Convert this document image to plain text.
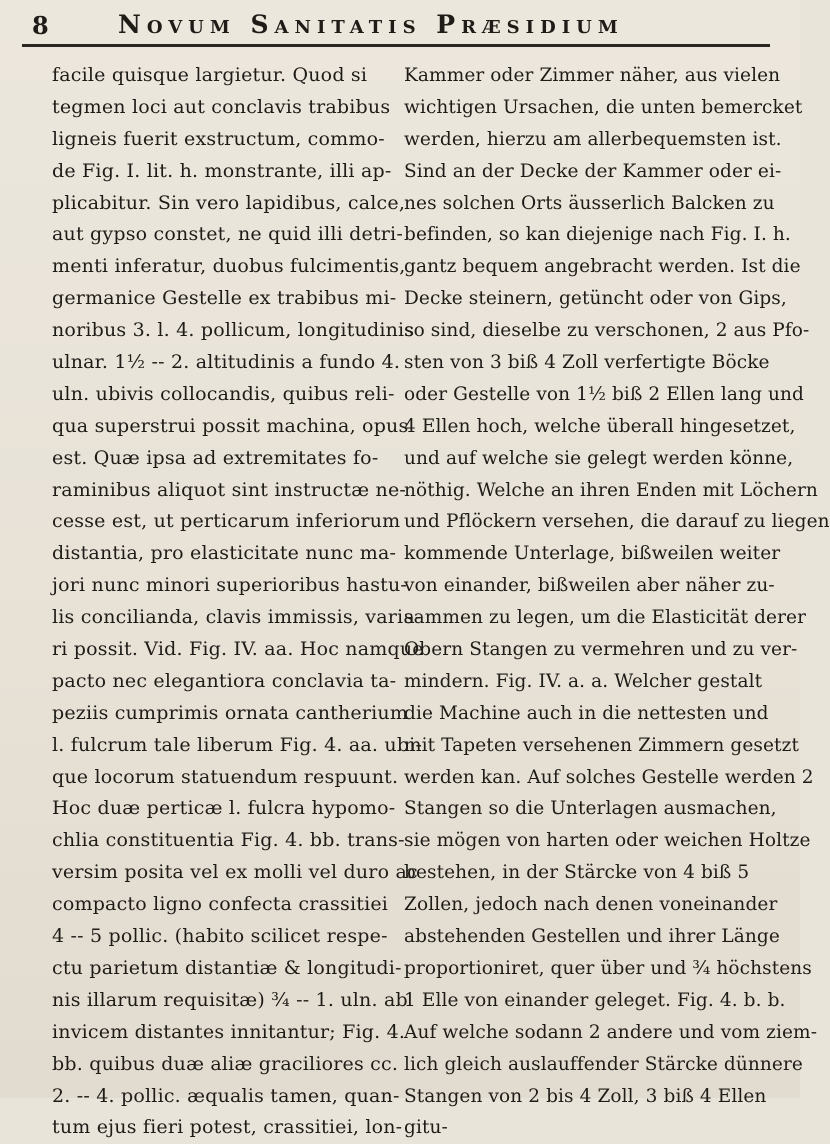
8	Novum Sanitatis Præsidium
facile quisque largietur. Quod si
tegmen loci aut conclavis trabibus
ligneis fuerit exstructum, commo-
de Fig. I. lit. h. monstrante, illi ap-
plicabitur. Sin vero lapidibus, calce,
aut gypso constet, ne quid illi detri-
menti inferatur, duobus fulcimentis,
germanice Gestelle ex trabibus mi-
noribus 3. l. 4. pollicum, longitudinis
ulnar. 1½ -- 2. altitudinis a fundo 4.
uln. ubivis collocandis, quibus reli-
qua superstrui possit machina, opus
est. Quæ ipsa ad extremitates fo-
raminibus aliquot sint instructæ ne-
cesse est, ut perticarum inferiorum
distantia, pro elasticitate nunc ma-
jori nunc minori superioribus hastu-
lis concilianda, clavis immissis, varia-
ri possit. Vid. Fig. IV. aa. Hoc namque
pacto nec elegantiora conclavia ta-
peziis cumprimis ornata cantherium
l. fulcrum tale liberum Fig. 4. aa. ubi-
que locorum statuendum respuunt.
Hoc duæ perticæ l. fulcra hypomo-
chlia constituentia Fig. 4. bb. trans-
versim posita vel ex molli vel duro ac
compacto ligno confecta crassitiei
4 -- 5 pollic. (habito scilicet respe-
ctu parietum distantiæ & longitudi-
nis illarum requisitæ) ¾ -- 1. uln. ab
invicem distantes innitantur; Fig. 4.
bb. quibus duæ aliæ graciliores cc.
2. -- 4. pollic. æqualis tamen, quan-
tum ejus fieri potest, crassitiei, lon-
Kammer oder Zimmer näher, aus vielen
wichtigen Ursachen, die unten bemercket
werden, hierzu am allerbequemsten ist.
Sind an der Decke der Kammer oder ei-
nes solchen Orts äusserlich Balcken zu
befinden, so kan diejenige nach Fig. I. h.
gantz bequem angebracht werden. Ist die
Decke steinern, getüncht oder von Gips,
so sind, dieselbe zu verschonen, 2 aus Pfo-
sten von 3 biß 4 Zoll verfertigte Böcke
oder Gestelle von 1½ biß 2 Ellen lang und
4 Ellen hoch, welche überall hingesetzet,
und auf welche sie gelegt werden könne,
nöthig. Welche an ihren Enden mit Löchern
und Pflöckern versehen, die darauf zu liegen
kommende Unterlage, bißweilen weiter
von einander, bißweilen aber näher zu-
sammen zu legen, um die Elasticität derer
Obern Stangen zu vermehren und zu ver-
mindern. Fig. IV. a. a. Welcher gestalt
die Machine auch in die nettesten und
mit Tapeten versehenen Zimmern gesetzt
werden kan. Auf solches Gestelle werden 2
Stangen so die Unterlagen ausmachen,
sie mögen von harten oder weichen Holtze
bestehen, in der Stärcke von 4 biß 5
Zollen, jedoch nach denen voneinander
abstehenden Gestellen und ihrer Länge
proportioniret, quer über und ¾ höchstens
1 Elle von einander geleget. Fig. 4. b. b.
Auf welche sodann 2 andere und vom ziem-
lich gleich auslauffender Stärcke dünnere
Stangen von 2 bis 4 Zoll, 3 biß 4 Ellen
gitu-
